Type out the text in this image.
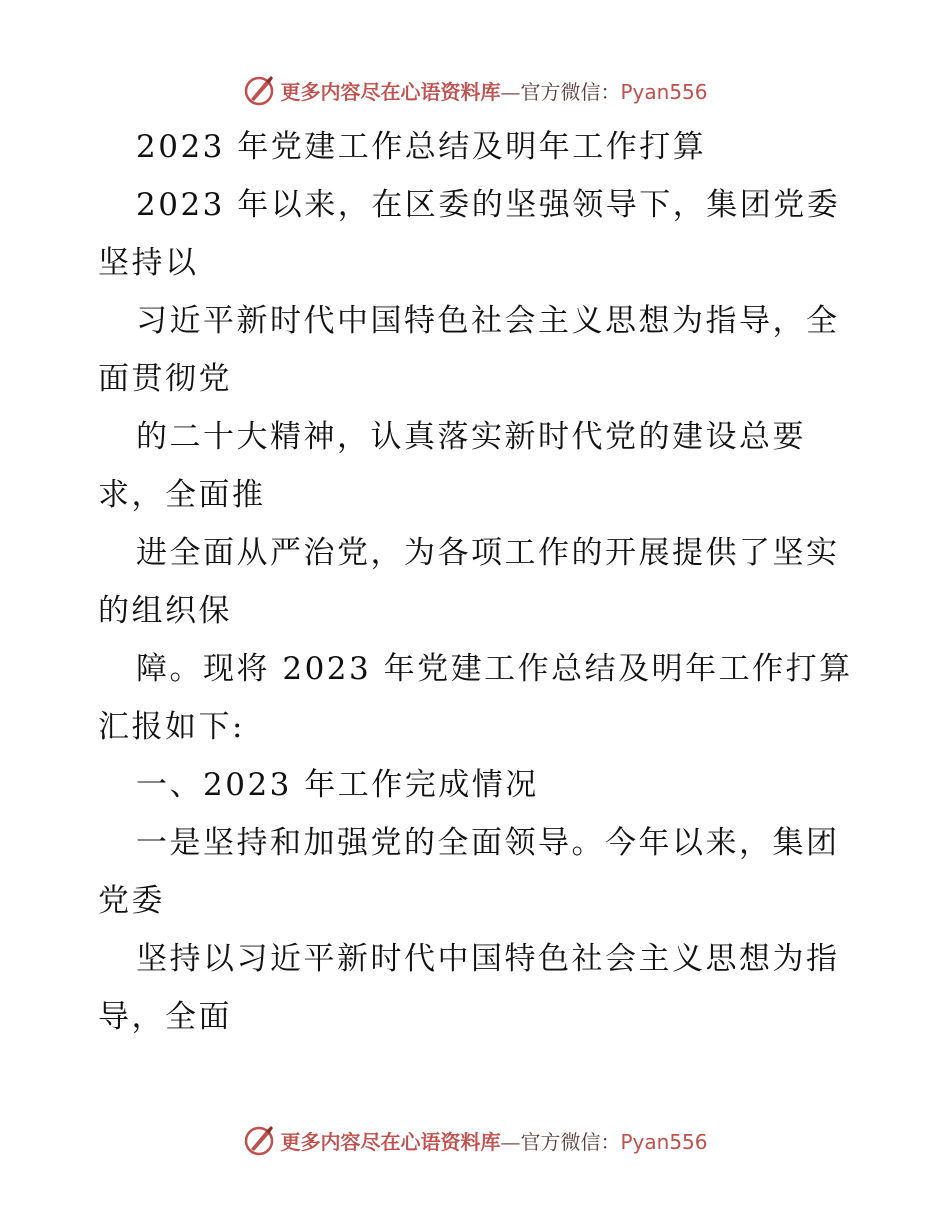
更多内容尽在心语资料库—官方微信：Pyan556
2023 年党建工作总结及明年工作打算
2023 年以来，在区委的坚强领导下，集团党委
坚持以
习近平新时代中国特色社会主义思想为指导，全
面贯彻党
的二十大精神，认真落实新时代党的建设总要
求，全面推
进全面从严治党，为各项工作的开展提供了坚实
的组织保
障。现将 2023 年党建工作总结及明年工作打算
汇报如下:
一、2023 年工作完成情况
一是坚持和加强党的全面领导。今年以来，集团
党委
坚持以习近平新时代中国特色社会主义思想为指
导，全面
更多内容尽在心语资料库—官方微信：Pyan556
